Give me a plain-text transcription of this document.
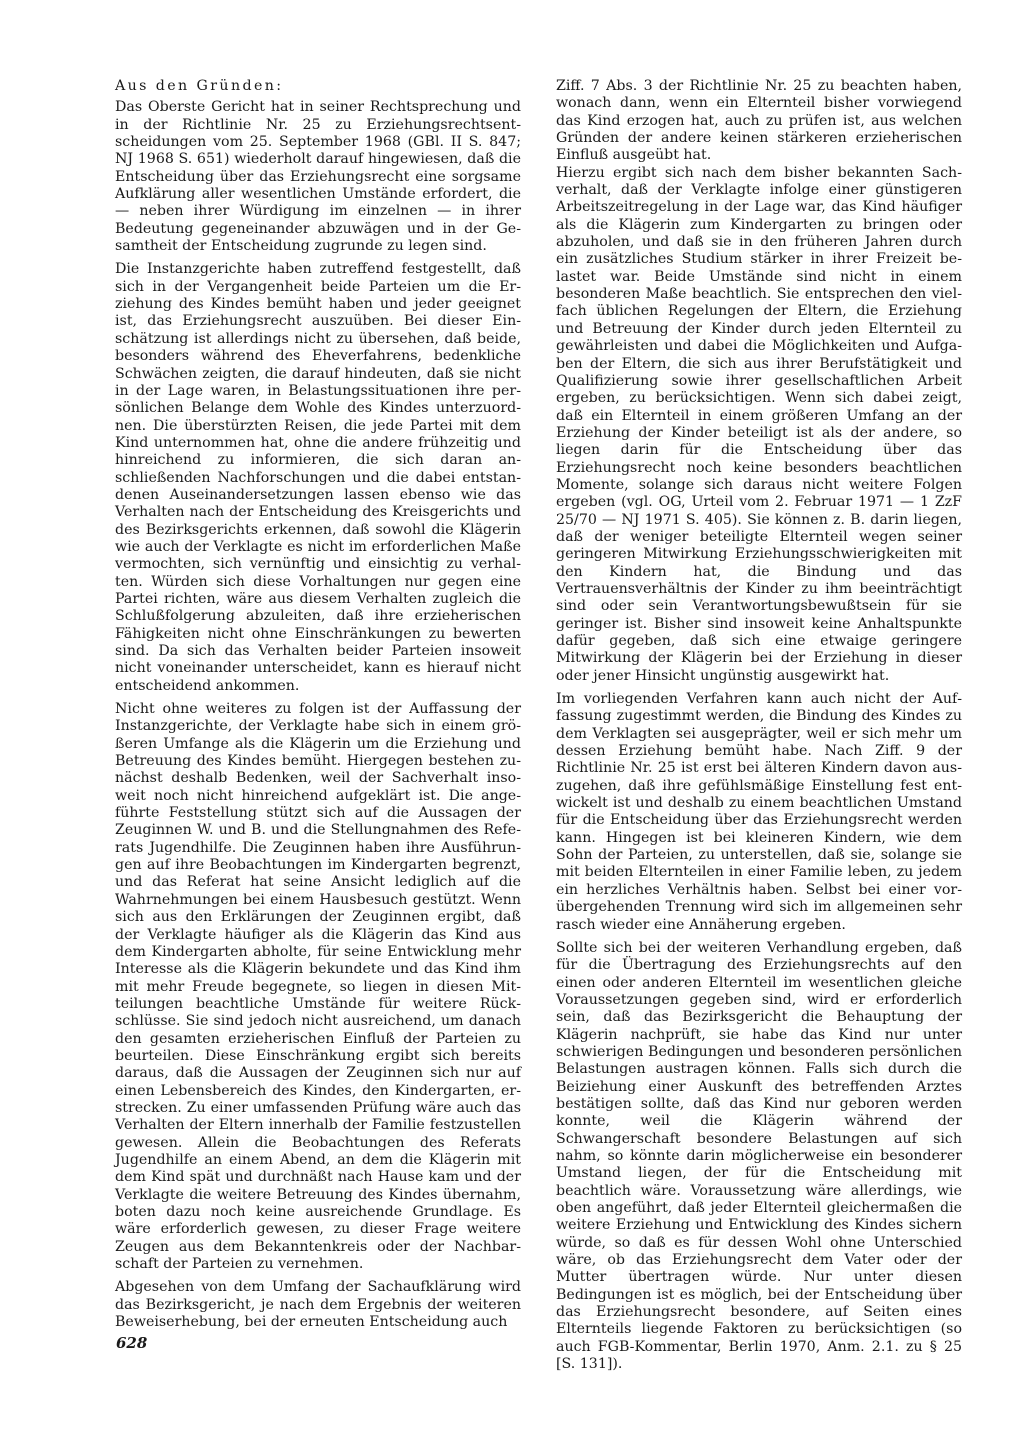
Aus den Gründen:

Das Oberste Gericht hat in seiner Rechtsprechung und in der Richtlinie Nr. 25 zu Erziehungsrechtsentscheidungen vom 25. September 1968 (GBl. II S. 847; NJ 1968 S. 651) wiederholt darauf hingewiesen, daß die Entscheidung über das Erziehungsrecht eine sorgsame Aufklärung aller wesentlichen Umstände erfordert, die — neben ihrer Würdigung im einzelnen — in ihrer Bedeutung gegeneinander abzuwägen und in der Gesamtheit der Entscheidung zugrunde zu legen sind.

Die Instanzgerichte haben zutreffend festgestellt, daß sich in der Vergangenheit beide Parteien um die Erziehung des Kindes bemüht haben und jeder geeignet ist, das Erziehungsrecht auszuüben. Bei dieser Einschätzung ist allerdings nicht zu übersehen, daß beide, besonders während des Eheverfahrens, bedenkliche Schwächen zeigten, die darauf hindeuten, daß sie nicht in der Lage waren, in Belastungssituationen ihre persönlichen Belange dem Wohle des Kindes unterzuordnen. Die überstürzten Reisen, die jede Partei mit dem Kind unternommen hat, ohne die andere frühzeitig und hinreichend zu informieren, die sich daran anschließenden Nachforschungen und die dabei entstandenen Auseinandersetzungen lassen ebenso wie das Verhalten nach der Entscheidung des Kreisgerichts und des Bezirksgerichts erkennen, daß sowohl die Klägerin wie auch der Verklagte es nicht im erforderlichen Maße vermochten, sich vernünftig und einsichtig zu verhalten. Würden sich diese Vorhaltungen nur gegen eine Partei richten, wäre aus diesem Verhalten zugleich die Schlußfolgerung abzuleiten, daß ihre erzieherischen Fähigkeiten nicht ohne Einschränkungen zu bewerten sind. Da sich das Verhalten beider Parteien insoweit nicht voneinander unterscheidet, kann es hierauf nicht entscheidend ankommen.

Nicht ohne weiteres zu folgen ist der Auffassung der Instanzgerichte, der Verklagte habe sich in einem größeren Umfange als die Klägerin um die Erziehung und Betreuung des Kindes bemüht. Hiergegen bestehen zunächst deshalb Bedenken, weil der Sachverhalt insoweit noch nicht hinreichend aufgeklärt ist. Die angeführte Feststellung stützt sich auf die Aussagen der Zeuginnen W. und B. und die Stellungnahmen des Referats Jugendhilfe. Die Zeuginnen haben ihre Ausführungen auf ihre Beobachtungen im Kindergarten begrenzt, und das Referat hat seine Ansicht lediglich auf die Wahrnehmungen bei einem Hausbesuch gestützt. Wenn sich aus den Erklärungen der Zeuginnen ergibt, daß der Verklagte häufiger als die Klägerin das Kind aus dem Kindergarten abholte, für seine Entwicklung mehr Interesse als die Klägerin bekundete und das Kind ihm mit mehr Freude begegnete, so liegen in diesen Mitteilungen beachtliche Umstände für weitere Rückschlüsse. Sie sind jedoch nicht ausreichend, um danach den gesamten erzieherischen Einfluß der Parteien zu beurteilen. Diese Einschränkung ergibt sich bereits daraus, daß die Aussagen der Zeuginnen sich nur auf einen Lebensbereich des Kindes, den Kindergarten, erstrecken. Zu einer umfassenden Prüfung wäre auch das Verhalten der Eltern innerhalb der Familie festzustellen gewesen. Allein die Beobachtungen des Referats Jugendhilfe an einem Abend, an dem die Klägerin mit dem Kind spät und durchnäßt nach Hause kam und der Verklagte die weitere Betreuung des Kindes übernahm, boten dazu noch keine ausreichende Grundlage. Es wäre erforderlich gewesen, zu dieser Frage weitere Zeugen aus dem Bekanntenkreis oder der Nachbarschaft der Parteien zu vernehmen.

Abgesehen von dem Umfang der Sachaufklärung wird das Bezirksgericht, je nach dem Ergebnis der weiteren Beweiserhebung, bei der erneuten Entscheidung auch

Ziff. 7 Abs. 3 der Richtlinie Nr. 25 zu beachten haben, wonach dann, wenn ein Elternteil bisher vorwiegend das Kind erzogen hat, auch zu prüfen ist, aus welchen Gründen der andere keinen stärkeren erzieherischen Einfluß ausgeübt hat.
Hierzu ergibt sich nach dem bisher bekannten Sachverhalt, daß der Verklagte infolge einer günstigeren Arbeitszeitregelung in der Lage war, das Kind häufiger als die Klägerin zum Kindergarten zu bringen oder abzuholen, und daß sie in den früheren Jahren durch ein zusätzliches Studium stärker in ihrer Freizeit belastet war. Beide Umstände sind nicht in einem besonderen Maße beachtlich. Sie entsprechen den vielfach üblichen Regelungen der Eltern, die Erziehung und Betreuung der Kinder durch jeden Elternteil zu gewährleisten und dabei die Möglichkeiten und Aufgaben der Eltern, die sich aus ihrer Berufstätigkeit und Qualifizierung sowie ihrer gesellschaftlichen Arbeit ergeben, zu berücksichtigen. Wenn sich dabei zeigt, daß ein Elternteil in einem größeren Umfang an der Erziehung der Kinder beteiligt ist als der andere, so liegen darin für die Entscheidung über das Erziehungsrecht noch keine besonders beachtlichen Momente, solange sich daraus nicht weitere Folgen ergeben (vgl. OG, Urteil vom 2. Februar 1971 — 1 ZzF 25/70 — NJ 1971 S. 405). Sie können z. B. darin liegen, daß der weniger beteiligte Elternteil wegen seiner geringeren Mitwirkung Erziehungsschwierigkeiten mit den Kindern hat, die Bindung und das Vertrauensverhältnis der Kinder zu ihm beeinträchtigt sind oder sein Verantwortungsbewußtsein für sie geringer ist. Bisher sind insoweit keine Anhaltspunkte dafür gegeben, daß sich eine etwaige geringere Mitwirkung der Klägerin bei der Erziehung in dieser oder jener Hinsicht ungünstig ausgewirkt hat.

Im vorliegenden Verfahren kann auch nicht der Auffassung zugestimmt werden, die Bindung des Kindes zu dem Verklagten sei ausgeprägter, weil er sich mehr um dessen Erziehung bemüht habe. Nach Ziff. 9 der Richtlinie Nr. 25 ist erst bei älteren Kindern davon auszugehen, daß ihre gefühlsmäßige Einstellung fest entwickelt ist und deshalb zu einem beachtlichen Umstand für die Entscheidung über das Erziehungsrecht werden kann. Hingegen ist bei kleineren Kindern, wie dem Sohn der Parteien, zu unterstellen, daß sie, solange sie mit beiden Elternteilen in einer Familie leben, zu jedem ein herzliches Verhältnis haben. Selbst bei einer vorübergehenden Trennung wird sich im allgemeinen sehr rasch wieder eine Annäherung ergeben.

Sollte sich bei der weiteren Verhandlung ergeben, daß für die Übertragung des Erziehungsrechts auf den einen oder anderen Elternteil im wesentlichen gleiche Voraussetzungen gegeben sind, wird er erforderlich sein, daß das Bezirksgericht die Behauptung der Klägerin nachprüft, sie habe das Kind nur unter schwierigen Bedingungen und besonderen persönlichen Belastungen austragen können. Falls sich durch die Beiziehung einer Auskunft des betreffenden Arztes bestätigen sollte, daß das Kind nur geboren werden konnte, weil die Klägerin während der Schwangerschaft besondere Belastungen auf sich nahm, so könnte darin möglicherweise ein besonderer Umstand liegen, der für die Entscheidung mit beachtlich wäre. Voraussetzung wäre allerdings, wie oben angeführt, daß jeder Elternteil gleichermaßen die weitere Erziehung und Entwicklung des Kindes sichern würde, so daß es für dessen Wohl ohne Unterschied wäre, ob das Erziehungsrecht dem Vater oder der Mutter übertragen würde. Nur unter diesen Bedingungen ist es möglich, bei der Entscheidung über das Erziehungsrecht besondere, auf Seiten eines Elternteils liegende Faktoren zu berücksichtigen (so auch FGB-Kommentar, Berlin 1970, Anm. 2.1. zu § 25 [S. 131]).

628
